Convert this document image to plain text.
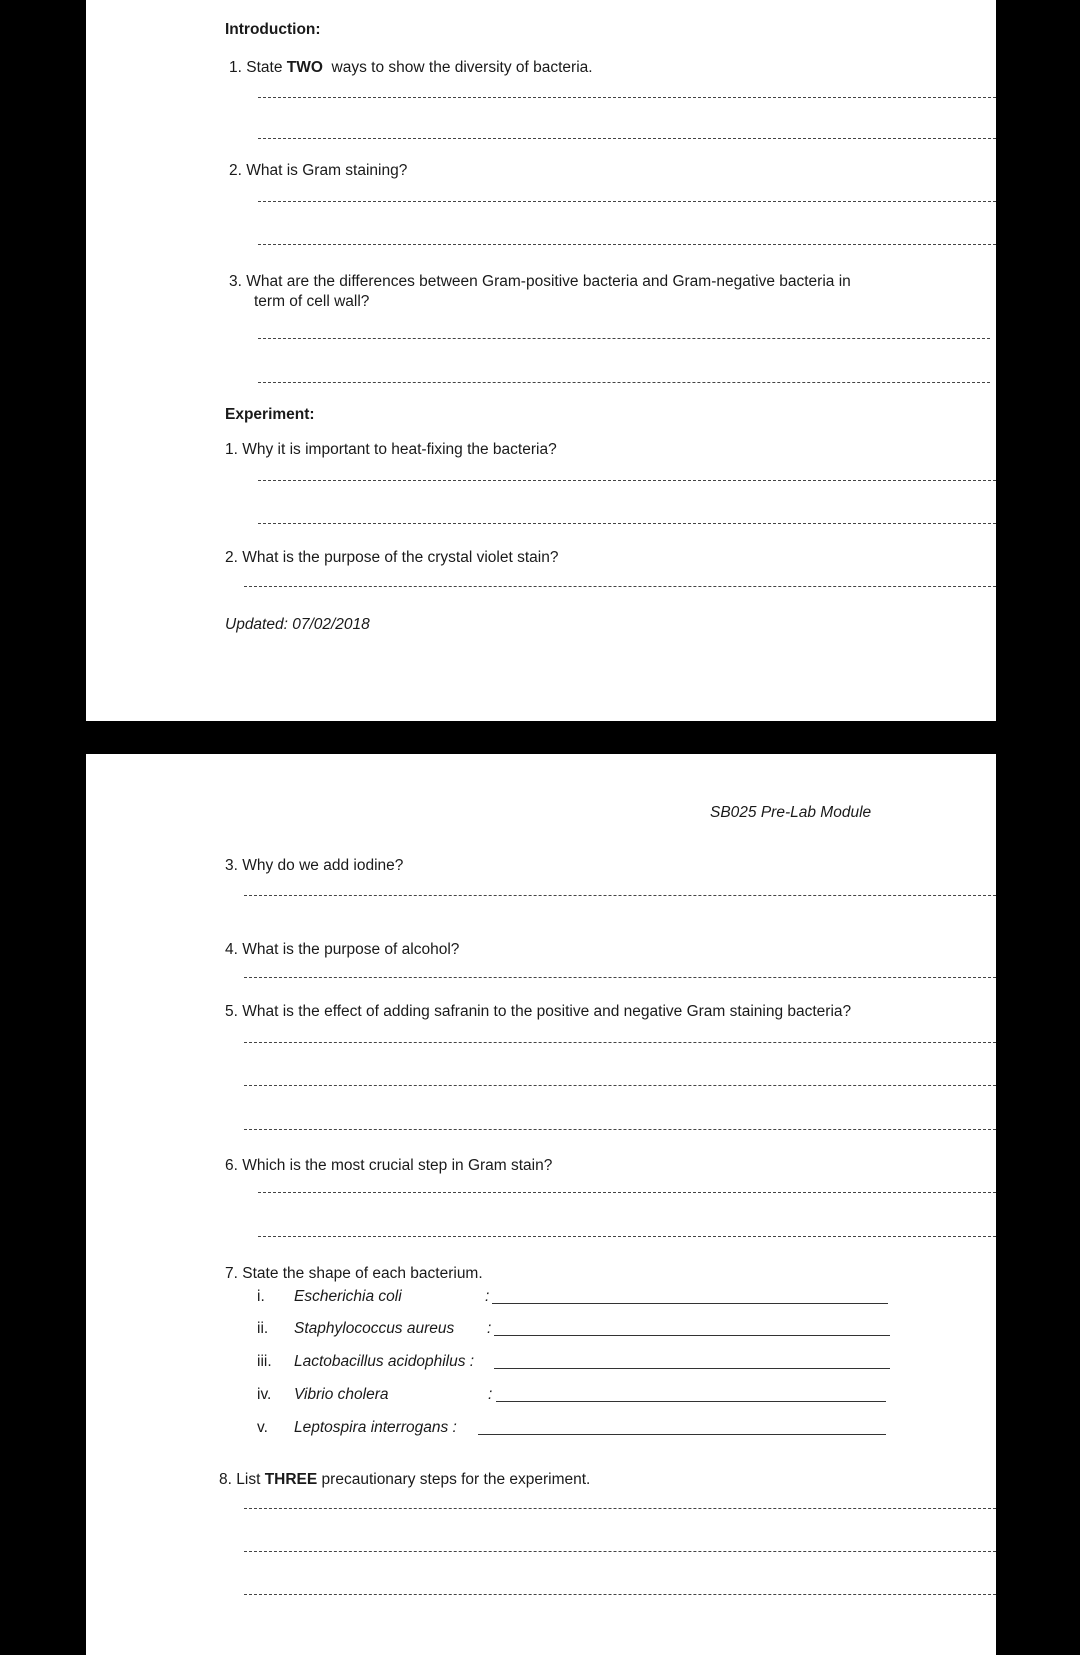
Introduction:
1. State TWO ways to show the diversity of bacteria.
2. What is Gram staining?
3. What are the differences between Gram-positive bacteria and Gram-negative bacteria in
term of cell wall?
Experiment:
1. Why it is important to heat-fixing the bacteria?
2. What is the purpose of the crystal violet stain?
Updated: 07/02/2018
SB025 Pre-Lab Module
3. Why do we add iodine?
4. What is the purpose of alcohol?
5. What is the effect of adding safranin to the positive and negative Gram staining bacteria?
6. Which is the most crucial step in Gram stain?
7. State the shape of each bacterium.
i. Escherichia coli	:
ii. Staphylococcus aureus :
iii. Lactobacillus acidophilus :
iv. Vibrio cholera	:
v. Leptospira interrogans :
8. List THREE precautionary steps for the experiment.
